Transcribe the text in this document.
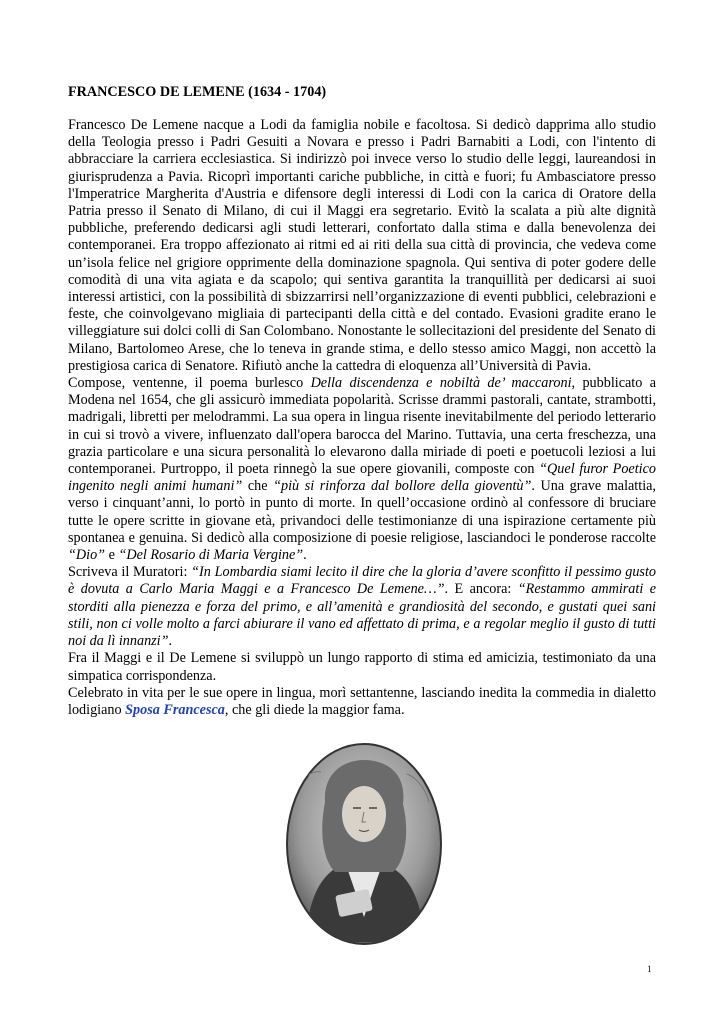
FRANCESCO DE LEMENE (1634 - 1704)

Francesco De Lemene nacque a Lodi da famiglia nobile e facoltosa. Si dedicò dapprima allo studio della Teologia presso i Padri Gesuiti a Novara e presso i Padri Barnabiti a Lodi, con l'intento di abbracciare la carriera ecclesiastica. Si indirizzò poi invece verso lo studio delle leggi, laureandosi in giurisprudenza a Pavia. Ricoprì importanti cariche pubbliche, in città e fuori; fu Ambasciatore presso l'Imperatrice Margherita d'Austria e difensore degli interessi di Lodi con la carica di Oratore della Patria presso il Senato di Milano, di cui il Maggi era segretario. Evitò la scalata a più alte dignità pubbliche, preferendo dedicarsi agli studi letterari, confortato dalla stima e dalla benevolenza dei contemporanei. Era troppo affezionato ai ritmi ed ai riti della sua città di provincia, che vedeva come un’isola felice nel grigiore opprimente della dominazione spagnola. Qui sentiva di poter godere delle comodità di una vita agiata e da scapolo; qui sentiva garantita la tranquillità per dedicarsi ai suoi interessi artistici, con la possibilità di sbizzarrirsi nell’organizzazione di eventi pubblici, celebrazioni e feste, che coinvolgevano migliaia di partecipanti della città e del contado. Evasioni gradite erano le villeggiature sui dolci colli di San Colombano. Nonostante le sollecitazioni del presidente del Senato di Milano, Bartolomeo Arese, che lo teneva in grande stima, e dello stesso amico Maggi, non accettò la prestigiosa carica di Senatore. Rifiutò anche la cattedra di eloquenza all’Università di Pavia.

Compose, ventenne, il poema burlesco Della discendenza e nobiltà de’ maccaroni, pubblicato a Modena nel 1654, che gli assicurò immediata popolarità. Scrisse drammi pastorali, cantate, strambotti, madrigali, libretti per melodrammi. La sua opera in lingua risente inevitabilmente del periodo letterario in cui si trovò a vivere, influenzato dall'opera barocca del Marino. Tuttavia, una certa freschezza, una grazia particolare e una sicura personalità lo elevarono dalla miriade di poeti e poetucoli leziosi a lui contemporanei. Purtroppo, il poeta rinnegò la sue opere giovanili, composte con “Quel furor Poetico ingenito negli animi humani” che “più si rinforza dal bollore della gioventù”. Una grave malattia, verso i cinquant’anni, lo portò in punto di morte. In quell’occasione ordinò al confessore di bruciare tutte le opere scritte in giovane età, privandoci delle testimonianze di una ispirazione certamente più spontanea e genuina. Si dedicò alla composizione di poesie religiose, lasciandoci le ponderose raccolte “Dio” e “Del Rosario di Maria Vergine”.

Scriveva il Muratori: “In Lombardia siami lecito il dire che la gloria d’avere sconfitto il pessimo gusto è dovuta a Carlo Maria Maggi e a Francesco De Lemene…”. E ancora: “Restammo ammirati e storditi alla pienezza e forza del primo, e all’amenità e grandiosità del secondo, e gustati quei sani stili, non ci volle molto a farci abiurare il vano ed affettato di prima, e a regolar meglio il gusto di tutti noi da lì innanzi”.

Fra il Maggi e il De Lemene si sviluppò un lungo rapporto di stima ed amicizia, testimoniato da una simpatica corrispondenza.

Celebrato in vita per le sue opere in lingua, morì settantenne, lasciando inedita la commedia in dialetto lodigiano Sposa Francesca, che gli diede la maggior fama.

1
